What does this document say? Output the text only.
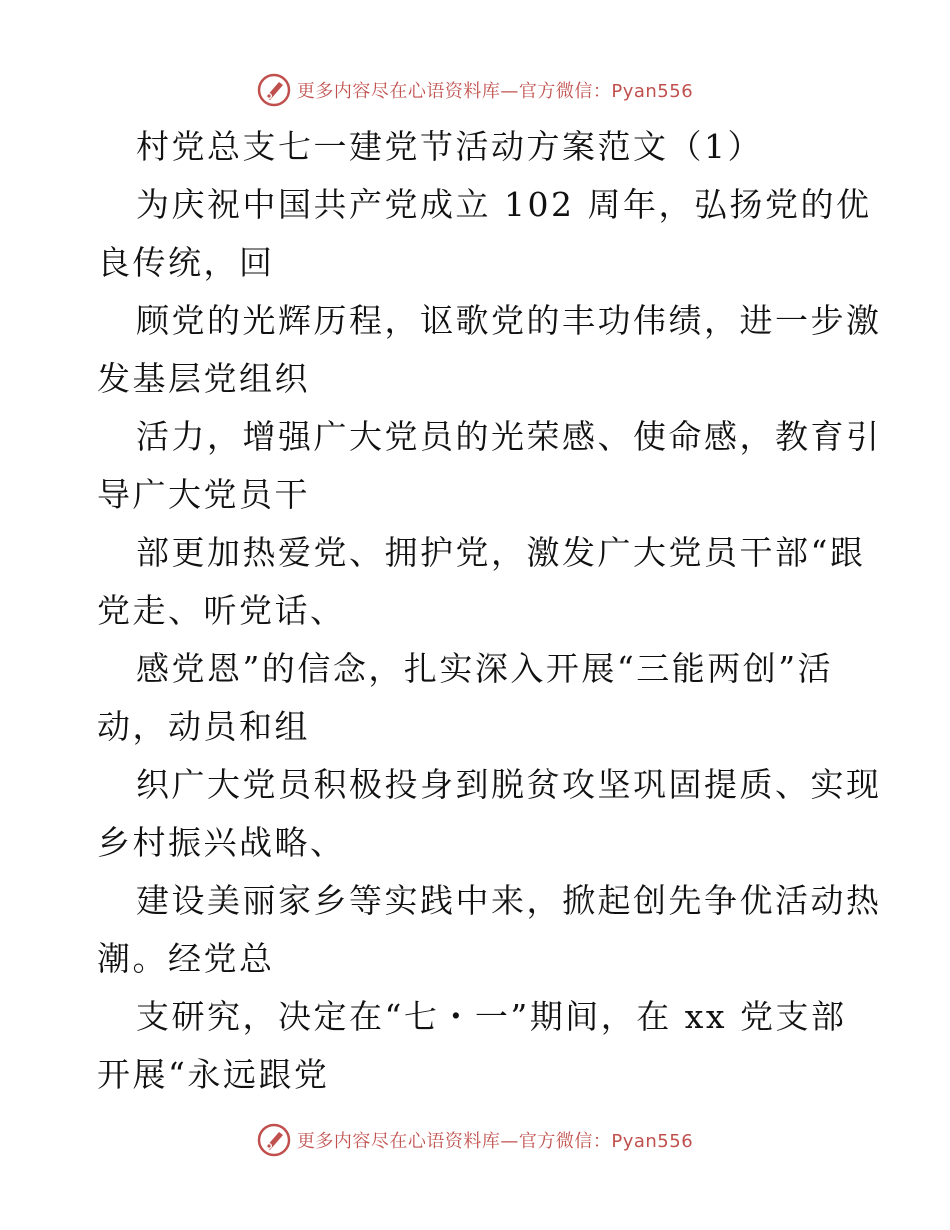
更多内容尽在心语资料库—官方微信：Pyan556
村党总支七一建党节活动方案范文（1）
为庆祝中国共产党成立 102 周年，弘扬党的优
良传统，回
顾党的光辉历程，讴歌党的丰功伟绩，进一步激
发基层党组织
活力，增强广大党员的光荣感、使命感，教育引
导广大党员干
部更加热爱党、拥护党，激发广大党员干部“跟
党走、听党话、
感党恩”的信念，扎实深入开展“三能两创”活
动，动员和组
织广大党员积极投身到脱贫攻坚巩固提质、实现
乡村振兴战略、
建设美丽家乡等实践中来，掀起创先争优活动热
潮。经党总
支研究，决定在“七・一”期间，在 xx 党支部
开展“永远跟党
更多内容尽在心语资料库—官方微信：Pyan556
